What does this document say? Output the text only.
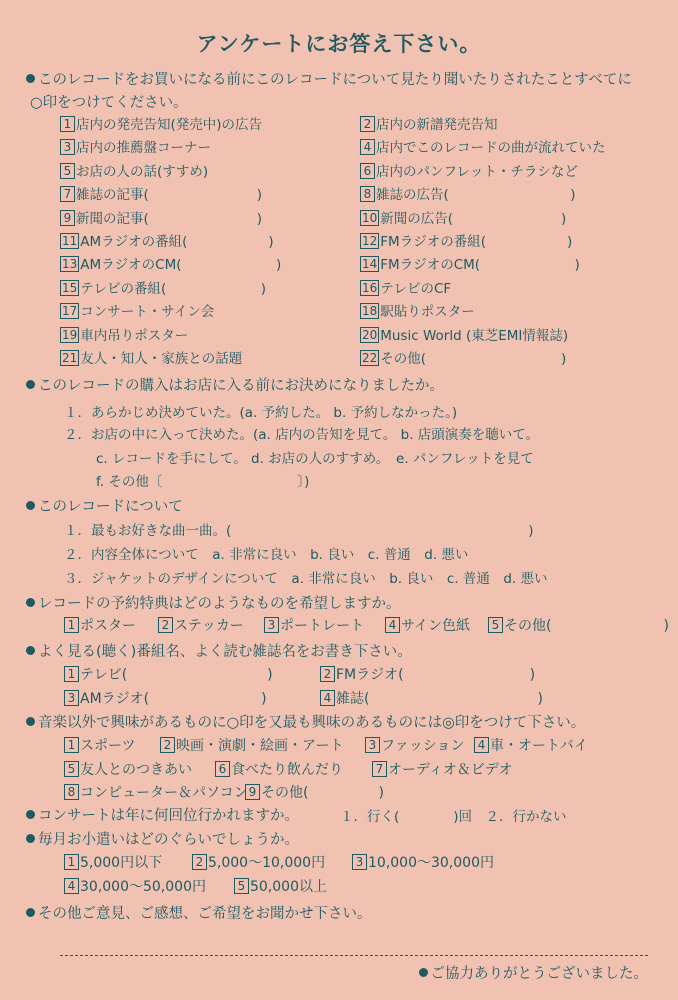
アンケートにお答え下さい。
このレコードをお買いになる前にこのレコードについて見たり聞いたりされたことすべてに
○印をつけてください。
1 店内の発売告知(発売中)の広告	2 店内の新譜発売告知
3 店内の推薦盤コーナー	4 店内でこのレコードの曲が流れていた
5 お店の人の話(すすめ)	6 店内のパンフレット・チラシなど
7 雑誌の記事(　　　　　　　　)	8 雑誌の広告(　　　　　　　　　)
9 新聞の記事(　　　　　　　　)	10 新聞の広告(　　　　　　　　)
11 AMラジオの番組(　　　　　　)	12 FMラジオの番組(　　　　　　)
13 AMラジオのCM(　　　　　　　)	14 FMラジオのCM(　　　　　　　)
15 テレビの番組(　　　　　　　)	16 テレビのCF
17 コンサート・サイン会	18 駅貼りポスター
19 車内吊りポスター	20 Music World (東芝EMI情報誌)
21 友人・知人・家族との話題	22 その他(　　　　　　　　　　)
このレコードの購入はお店に入る前にお決めになりましたか。
１．あらかじめ決めていた。(a. 予約した。 b. 予約しなかった。)
２．お店の中に入って決めた。(a. 店内の告知を見て。 b. 店頭演奏を聴いて。
c. レコードを手にして。 d. お店の人のすすめ。　e. パンフレットを見て
f. その他〔　　　　　　　　　　〕)
このレコードについて
１．最もお好きな曲一曲。(　　　　　　　　　　　　　　　　　　　　　　)
２．内容全体について　a. 非常に良い　b. 良い　c. 普通　d. 悪い
３．ジャケットのデザインについて　a. 非常に良い　b. 良い　c. 普通　d. 悪い
レコードの予約特典はどのようなものを希望しますか。
1 ポスター	2 ステッカー	3 ポートレート	4 サイン色紙	5 その他(　　　　　　　　)
よく見る(聴く)番組名、よく読む雑誌名をお書き下さい。
1 テレビ(　　　　　　　　　　)	2 FMラジオ(　　　　　　　　　)
3 AMラジオ(　　　　　　　　)	4 雑誌(　　　　　　　　　　　　)
音楽以外で興味があるものに○印を又最も興味のあるものには◎印をつけて下さい。
1 スポーツ	2 映画・演劇・絵画・アート	3 ファッション	4 車・オートバイ
5 友人とのつきあい	6 食べたり飲んだり	7 オーディオ＆ビデオ
8 コンピューター＆パソコン 9 その他(　　　　　)
コンサートは年に何回位行かれますか。	１．行く(　　　　)回　２．行かない
毎月お小遣いはどのぐらいでしょうか。
1 5,000円以下	2 5,000～10,000円	3 10,000～30,000円
4 30,000～50,000円	5 50,000以上
その他ご意見、ご感想、ご希望をお聞かせ下さい。
ご協力ありがとうございました。
